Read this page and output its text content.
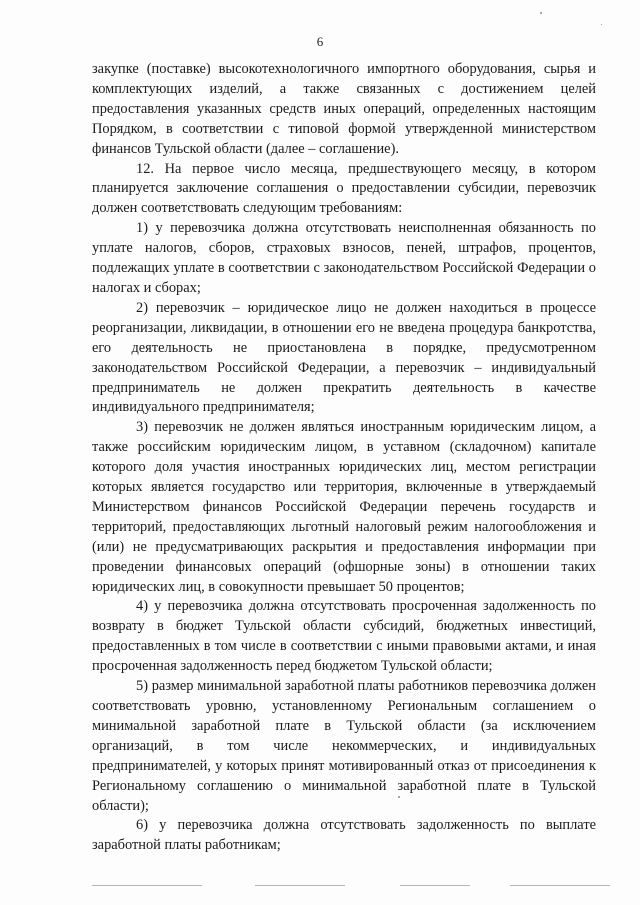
6

закупке (поставке) высокотехнологичного импортного оборудования, сырья и комплектующих изделий, а также связанных с достижением целей предоставления указанных средств иных операций, определенных настоящим Порядком, в соответствии с типовой формой утвержденной министерством финансов Тульской области (далее – соглашение).

12. На первое число месяца, предшествующего месяцу, в котором планируется заключение соглашения о предоставлении субсидии, перевозчик должен соответствовать следующим требованиям:

1) у перевозчика должна отсутствовать неисполненная обязанность по уплате налогов, сборов, страховых взносов, пеней, штрафов, процентов, подлежащих уплате в соответствии с законодательством Российской Федерации о налогах и сборах;

2) перевозчик – юридическое лицо не должен находиться в процессе реорганизации, ликвидации, в отношении его не введена процедура банкротства, его деятельность не приостановлена в порядке, предусмотренном законодательством Российской Федерации, а перевозчик – индивидуальный предприниматель не должен прекратить деятельность в качестве индивидуального предпринимателя;

3) перевозчик не должен являться иностранным юридическим лицом, а также российским юридическим лицом, в уставном (складочном) капитале которого доля участия иностранных юридических лиц, местом регистрации которых является государство или территория, включенные в утверждаемый Министерством финансов Российской Федерации перечень государств и территорий, предоставляющих льготный налоговый режим налогообложения и (или) не предусматривающих раскрытия и предоставления информации при проведении финансовых операций (офшорные зоны) в отношении таких юридических лиц, в совокупности превышает 50 процентов;

4) у перевозчика должна отсутствовать просроченная задолженность по возврату в бюджет Тульской области субсидий, бюджетных инвестиций, предоставленных в том числе в соответствии с иными правовыми актами, и иная просроченная задолженность перед бюджетом Тульской области;

5) размер минимальной заработной платы работников перевозчика должен соответствовать уровню, установленному Региональным соглашением о минимальной заработной плате в Тульской области (за исключением организаций, в том числе некоммерческих, и индивидуальных предпринимателей, у которых принят мотивированный отказ от присоединения к Региональному соглашению о минимальной заработной плате в Тульской области);

6) у перевозчика должна отсутствовать задолженность по выплате заработной платы работникам;
